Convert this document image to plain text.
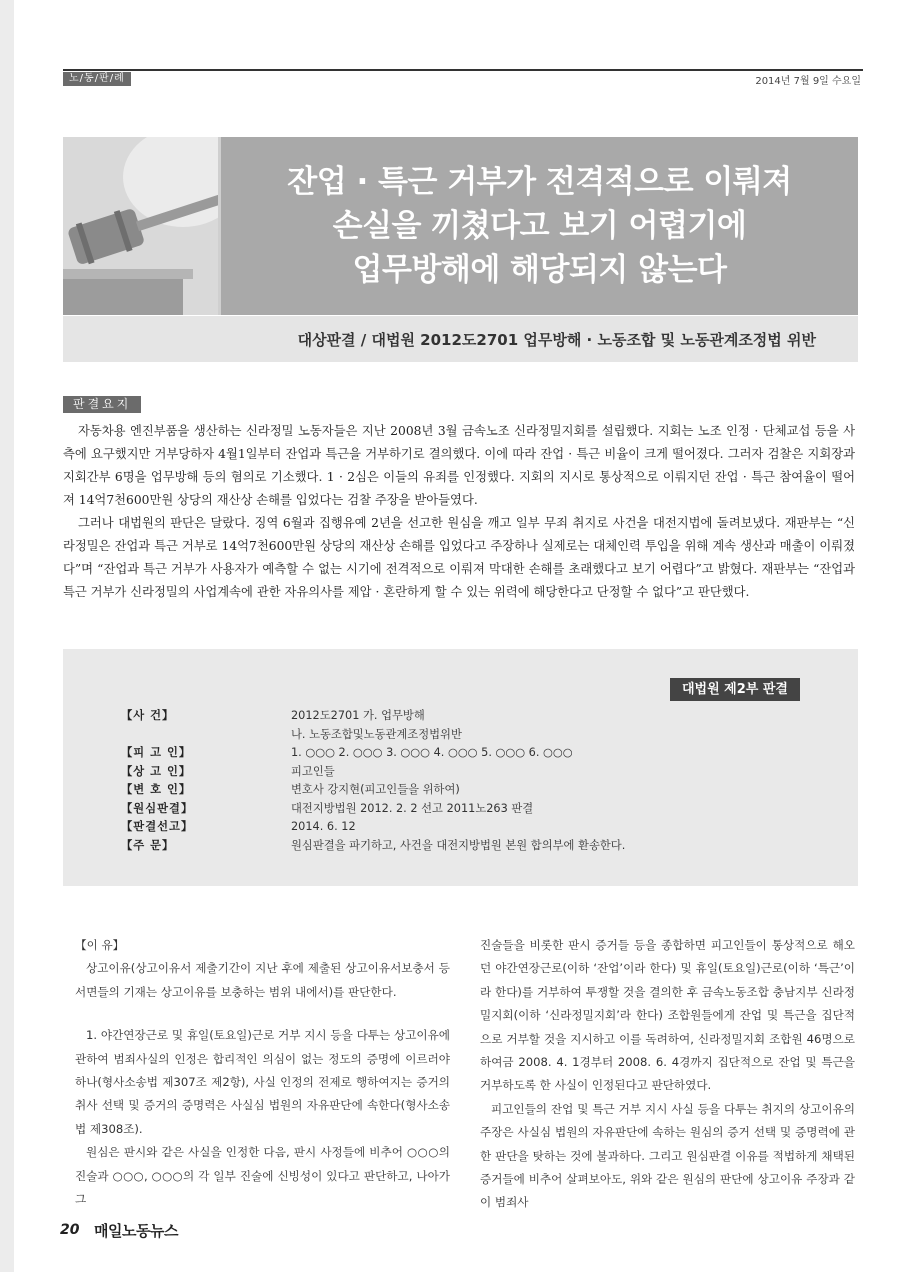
노/동/판/례	2014년 7월 9일 수요일
잔업 · 특근 거부가 전격적으로 이뤄져
손실을 끼쳤다고 보기 어렵기에
업무방해에 해당되지 않는다
대상판결 / 대법원 2012도2701 업무방해 · 노동조합 및 노동관계조정법 위반
판결요지

자동차용 엔진부품을 생산하는 신라정밀 노동자들은 지난 2008년 3월 금속노조 신라정밀지회를 설립했다. 지회는 노조 인정 · 단체교섭 등을 사측에 요구했지만 거부당하자 4월1일부터 잔업과 특근을 거부하기로 결의했다. 이에 따라 잔업 · 특근 비율이 크게 떨어졌다. 그러자 검찰은 지회장과 지회간부 6명을 업무방해 등의 혐의로 기소했다. 1 · 2심은 이들의 유죄를 인정했다. 지회의 지시로 통상적으로 이뤄지던 잔업 · 특근 참여율이 떨어져 14억7천600만원 상당의 재산상 손해를 입었다는 검찰 주장을 받아들였다.

그러나 대법원의 판단은 달랐다. 징역 6월과 집행유예 2년을 선고한 원심을 깨고 일부 무죄 취지로 사건을 대전지법에 돌려보냈다. 재판부는 “신라정밀은 잔업과 특근 거부로 14억7천600만원 상당의 재산상 손해를 입었다고 주장하나 실제로는 대체인력 투입을 위해 계속 생산과 매출이 이뤄졌다”며 “잔업과 특근 거부가 사용자가 예측할 수 없는 시기에 전격적으로 이뤄져 막대한 손해를 초래했다고 보기 어렵다”고 밝혔다. 재판부는 “잔업과 특근 거부가 신라정밀의 사업계속에 관한 자유의사를 제압 · 혼란하게 할 수 있는 위력에 해당한다고 단정할 수 없다”고 판단했다.

대법원 제2부 판결
【사 건】	2012도2701 가. 업무방해
나. 노동조합및노동관계조정법위반
【피 고 인】	1. ○○○ 2. ○○○ 3. ○○○ 4. ○○○ 5. ○○○ 6. ○○○
【상 고 인】	피고인들
【변 호 인】	변호사 강지현(피고인들을 위하여)
【원심판결】	대전지방법원 2012. 2. 2 선고 2011노263 판결
【판결선고】	2014. 6. 12
【주 문】	원심판결을 파기하고, 사건을 대전지방법원 본원 합의부에 환송한다.

【이 유】

상고이유(상고이유서 제출기간이 지난 후에 제출된 상고이유서보충서 등 서면들의 기재는 상고이유를 보충하는 범위 내에서)를 판단한다.

1. 야간연장근로 및 휴일(토요일)근로 거부 지시 등을 다투는 상고이유에 관하여 범죄사실의 인정은 합리적인 의심이 없는 정도의 증명에 이르러야 하나(형사소송법 제307조 제2항), 사실 인정의 전제로 행하여지는 증거의 취사 선택 및 증거의 증명력은 사실심 법원의 자유판단에 속한다(형사소송법 제308조).

원심은 판시와 같은 사실을 인정한 다음, 판시 사정들에 비추어 ○○○의 진술과 ○○○, ○○○의 각 일부 진술에 신빙성이 있다고 판단하고, 나아가 그

진술들을 비롯한 판시 증거들 등을 종합하면 피고인들이 통상적으로 해오던 야간연장근로(이하 ‘잔업’이라 한다) 및 휴일(토요일)근로(이하 ‘특근’이라 한다)를 거부하여 투쟁할 것을 결의한 후 금속노동조합 충남지부 신라정밀지회(이하 ‘신라정밀지회’라 한다) 조합원들에게 잔업 및 특근을 집단적으로 거부할 것을 지시하고 이를 독려하여, 신라정밀지회 조합원 46명으로 하여금 2008. 4. 1경부터 2008. 6. 4경까지 집단적으로 잔업 및 특근을 거부하도록 한 사실이 인정된다고 판단하였다.

피고인들의 잔업 및 특근 거부 지시 사실 등을 다투는 취지의 상고이유의 주장은 사실심 법원의 자유판단에 속하는 원심의 증거 선택 및 증명력에 관한 판단을 탓하는 것에 불과하다. 그리고 원심판결 이유를 적법하게 채택된 증거들에 비추어 살펴보아도, 위와 같은 원심의 판단에 상고이유 주장과 같이 범죄사

20 매일노동뉴스
